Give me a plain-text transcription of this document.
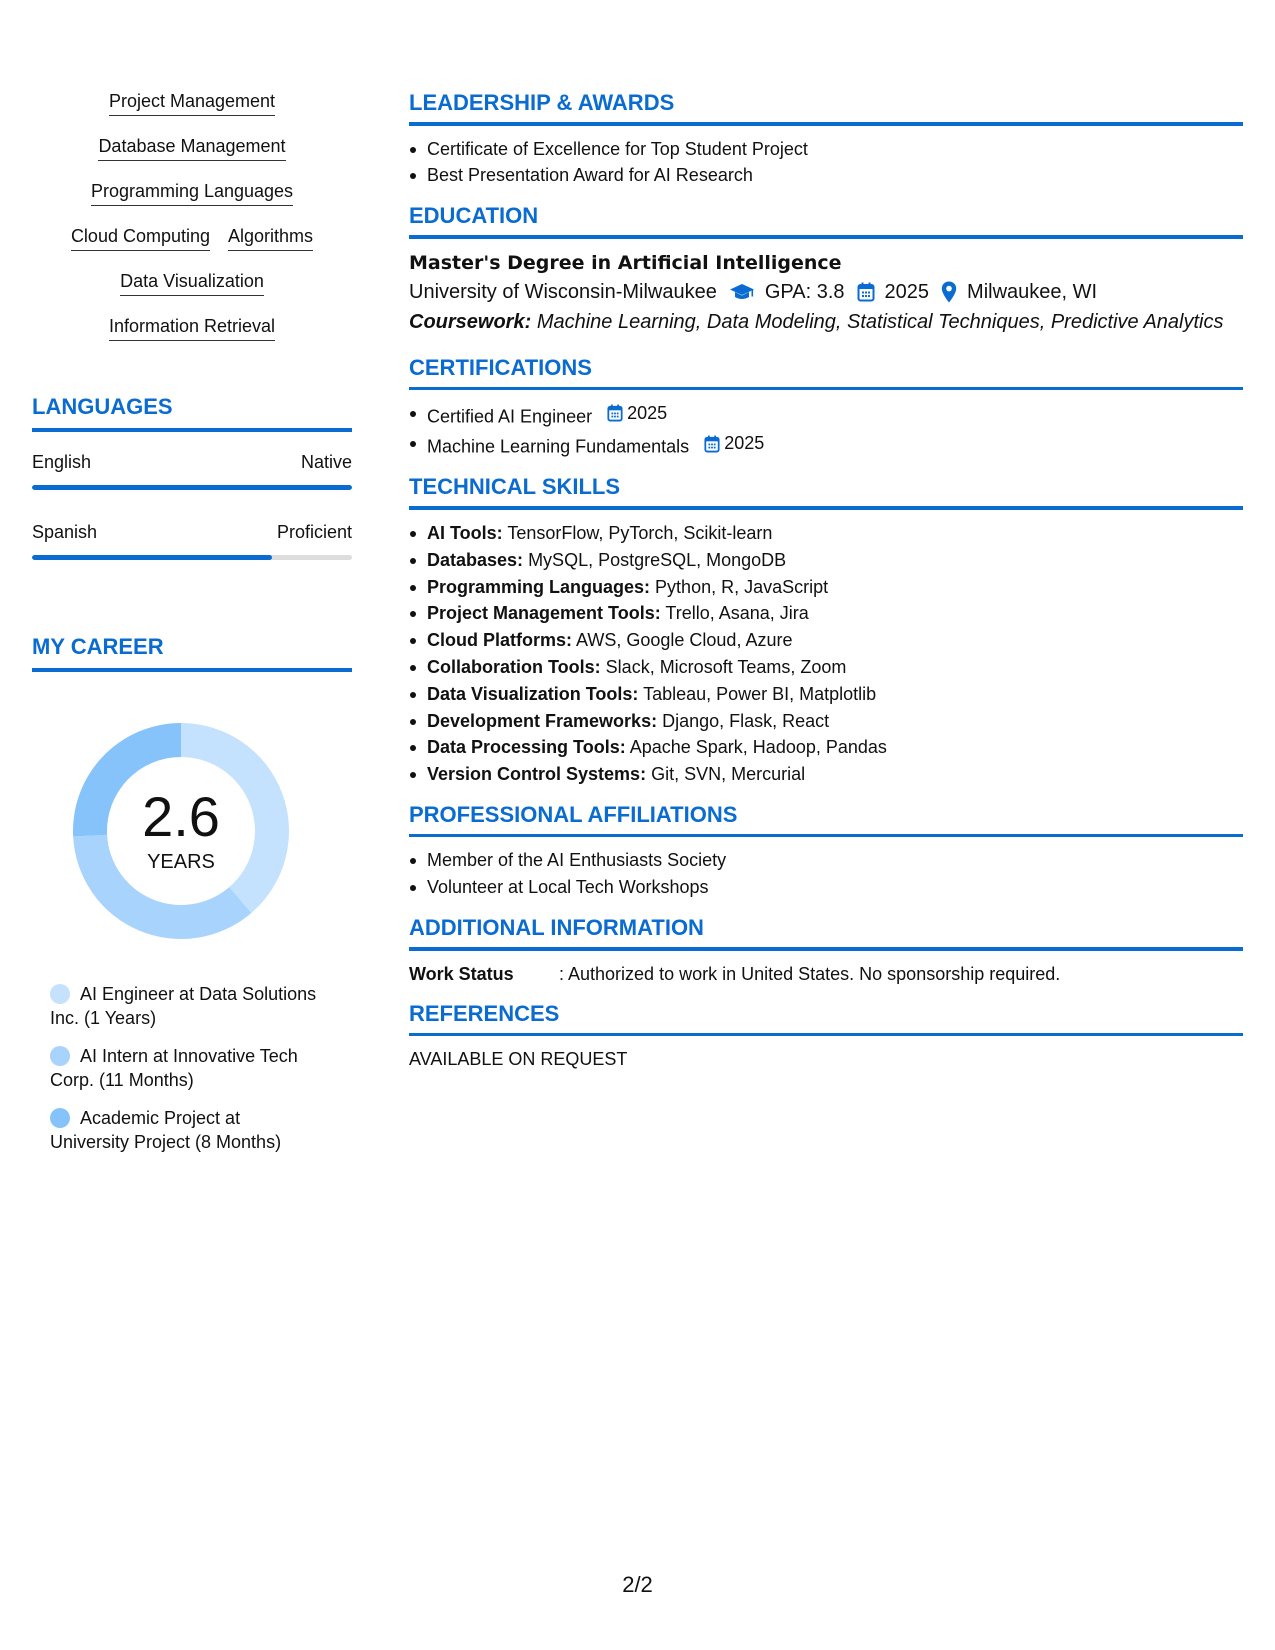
Project Management
Database Management
Programming Languages
Cloud Computing Algorithms
Data Visualization
Information Retrieval
LANGUAGES
English	Native
Spanish	Proficient
MY CAREER
2.6
YEARS
AI Engineer at Data Solutions Inc. (1 Years)
AI Intern at Innovative Tech Corp. (11 Months)
Academic Project at University Project (8 Months)
LEADERSHIP & AWARDS
Certificate of Excellence for Top Student Project
Best Presentation Award for AI Research
EDUCATION
Master's Degree in Artificial Intelligence
University of Wisconsin-Milwaukee GPA: 3.8 2025 Milwaukee, WI
Coursework: Machine Learning, Data Modeling, Statistical Techniques, Predictive Analytics
CERTIFICATIONS
Certified AI Engineer 2025
Machine Learning Fundamentals 2025
TECHNICAL SKILLS
AI Tools: TensorFlow, PyTorch, Scikit-learn
Databases: MySQL, PostgreSQL, MongoDB
Programming Languages: Python, R, JavaScript
Project Management Tools: Trello, Asana, Jira
Cloud Platforms: AWS, Google Cloud, Azure
Collaboration Tools: Slack, Microsoft Teams, Zoom
Data Visualization Tools: Tableau, Power BI, Matplotlib
Development Frameworks: Django, Flask, React
Data Processing Tools: Apache Spark, Hadoop, Pandas
Version Control Systems: Git, SVN, Mercurial
PROFESSIONAL AFFILIATIONS
Member of the AI Enthusiasts Society
Volunteer at Local Tech Workshops
ADDITIONAL INFORMATION
Work Status	: Authorized to work in United States. No sponsorship required.
REFERENCES
AVAILABLE ON REQUEST
2/2
